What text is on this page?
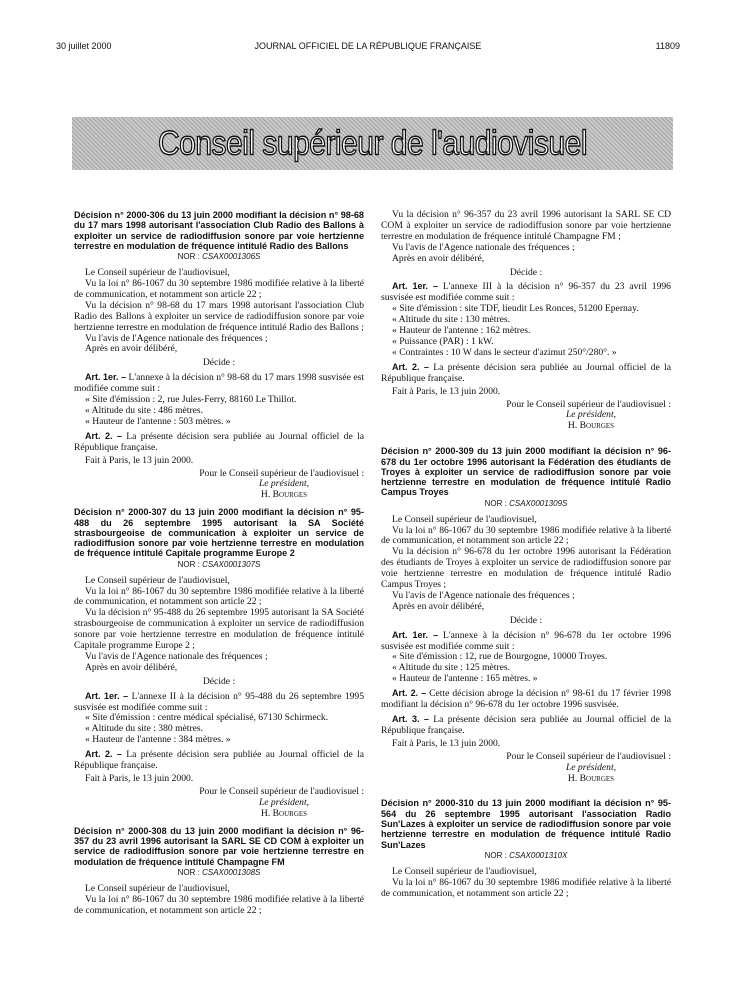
30 juillet 2000	JOURNAL OFFICIEL DE LA RÉPUBLIQUE FRANÇAISE	11809
Conseil supérieur de l'audiovisuel

Décision n° 2000-306 du 13 juin 2000 modifiant la décision n° 98-68 du 17 mars 1998 autorisant l'association Club Radio des Ballons à exploiter un service de radiodiffusion sonore par voie hertzienne terrestre en modulation de fréquence intitulé Radio des Ballons

NOR : CSAX0001306S

Le Conseil supérieur de l'audiovisuel,

Vu la loi n° 86-1067 du 30 septembre 1986 modifiée relative à la liberté de communication, et notamment son article 22 ;

Vu la décision n° 98-68 du 17 mars 1998 autorisant l'association Club Radio des Ballons à exploiter un service de radiodiffusion sonore par voie hertzienne terrestre en modulation de fréquence intitulé Radio des Ballons ;

Vu l'avis de l'Agence nationale des fréquences ;

Après en avoir délibéré,

Décide :

Art. 1er. – L'annexe à la décision n° 98-68 du 17 mars 1998 susvisée est modifiée comme suit :

« Site d'émission : 2, rue Jules-Ferry, 88160 Le Thillot.

« Altitude du site : 486 mètres.

« Hauteur de l'antenne : 503 mètres. »

Art. 2. – La présente décision sera publiée au Journal officiel de la République française.

Fait à Paris, le 13 juin 2000.

Pour le Conseil supérieur de l'audiovisuel :

Le président,
H. Bourges

Décision n° 2000-307 du 13 juin 2000 modifiant la décision n° 95-488 du 26 septembre 1995 autorisant la SA Société strasbourgeoise de communication à exploiter un service de radiodiffusion sonore par voie hertzienne terrestre en modulation de fréquence intitulé Capitale programme Europe 2

NOR : CSAX0001307S

Le Conseil supérieur de l'audiovisuel,

Vu la loi n° 86-1067 du 30 septembre 1986 modifiée relative à la liberté de communication, et notamment son article 22 ;

Vu la décision n° 95-488 du 26 septembre 1995 autorisant la SA Société strasbourgeoise de communication à exploiter un service de radiodiffusion sonore par voie hertzienne terrestre en modulation de fréquence intitulé Capitale programme Europe 2 ;

Vu l'avis de l'Agence nationale des fréquences ;

Après en avoir délibéré,

Décide :

Art. 1er. – L'annexe II à la décision n° 95-488 du 26 septembre 1995 susvisée est modifiée comme suit :

« Site d'émission : centre médical spécialisé, 67130 Schirmeck.

« Altitude du site : 380 mètres.

« Hauteur de l'antenne : 384 mètres. »

Art. 2. – La présente décision sera publiée au Journal officiel de la République française.

Fait à Paris, le 13 juin 2000.

Pour le Conseil supérieur de l'audiovisuel :

Le président,
H. Bourges

Décision n° 2000-308 du 13 juin 2000 modifiant la décision n° 96-357 du 23 avril 1996 autorisant la SARL SE CD COM à exploiter un service de radiodiffusion sonore par voie hertzienne terrestre en modulation de fréquence intitulé Champagne FM

NOR : CSAX0001308S

Le Conseil supérieur de l'audiovisuel,

Vu la loi n° 86-1067 du 30 septembre 1986 modifiée relative à la liberté de communication, et notamment son article 22 ;

Vu la décision n° 96-357 du 23 avril 1996 autorisant la SARL SE CD COM à exploiter un service de radiodiffusion sonore par voie hertzienne terrestre en modulation de fréquence intitulé Champagne FM ;

Vu l'avis de l'Agence nationale des fréquences ;

Après en avoir délibéré,

Décide :

Art. 1er. – L'annexe III à la décision n° 96-357 du 23 avril 1996 susvisée est modifiée comme suit :

« Site d'émission : site TDF, lieudit Les Ronces, 51200 Epernay.

« Altitude du site : 130 mètres.

« Hauteur de l'antenne : 162 mètres.

« Puissance (PAR) : 1 kW.

« Contraintes : 10 W dans le secteur d'azimut 250°/280°. »

Art. 2. – La présente décision sera publiée au Journal officiel de la République française.

Fait à Paris, le 13 juin 2000.

Pour le Conseil supérieur de l'audiovisuel :

Le président,
H. Bourges

Décision n° 2000-309 du 13 juin 2000 modifiant la décision n° 96-678 du 1er octobre 1996 autorisant la Fédération des étudiants de Troyes à exploiter un service de radiodiffusion sonore par voie hertzienne terrestre en modulation de fréquence intitulé Radio Campus Troyes

NOR : CSAX0001309S

Le Conseil supérieur de l'audiovisuel,

Vu la loi n° 86-1067 du 30 septembre 1986 modifiée relative à la liberté de communication, et notamment son article 22 ;

Vu la décision n° 96-678 du 1er octobre 1996 autorisant la Fédération des étudiants de Troyes à exploiter un service de radiodiffusion sonore par voie hertzienne terrestre en modulation de fréquence intitulé Radio Campus Troyes ;

Vu l'avis de l'Agence nationale des fréquences ;

Après en avoir délibéré,

Décide :

Art. 1er. – L'annexe à la décision n° 96-678 du 1er octobre 1996 susvisée est modifiée comme suit :

« Site d'émission : 12, rue de Bourgogne, 10000 Troyes.

« Altitude du site : 125 mètres.

« Hauteur de l'antenne : 165 mètres. »

Art. 2. – Cette décision abroge la décision n° 98-61 du 17 février 1998 modifiant la décision n° 96-678 du 1er octobre 1996 susvisée.

Art. 3. – La présente décision sera publiée au Journal officiel de la République française.

Fait à Paris, le 13 juin 2000.

Pour le Conseil supérieur de l'audiovisuel :

Le président,
H. Bourges

Décision n° 2000-310 du 13 juin 2000 modifiant la décision n° 95-564 du 26 septembre 1995 autorisant l'association Radio Sun'Lazes à exploiter un service de radiodiffusion sonore par voie hertzienne terrestre en modulation de fréquence intitulé Radio Sun'Lazes

NOR : CSAX0001310X

Le Conseil supérieur de l'audiovisuel,

Vu la loi n° 86-1067 du 30 septembre 1986 modifiée relative à la liberté de communication, et notamment son article 22 ;
